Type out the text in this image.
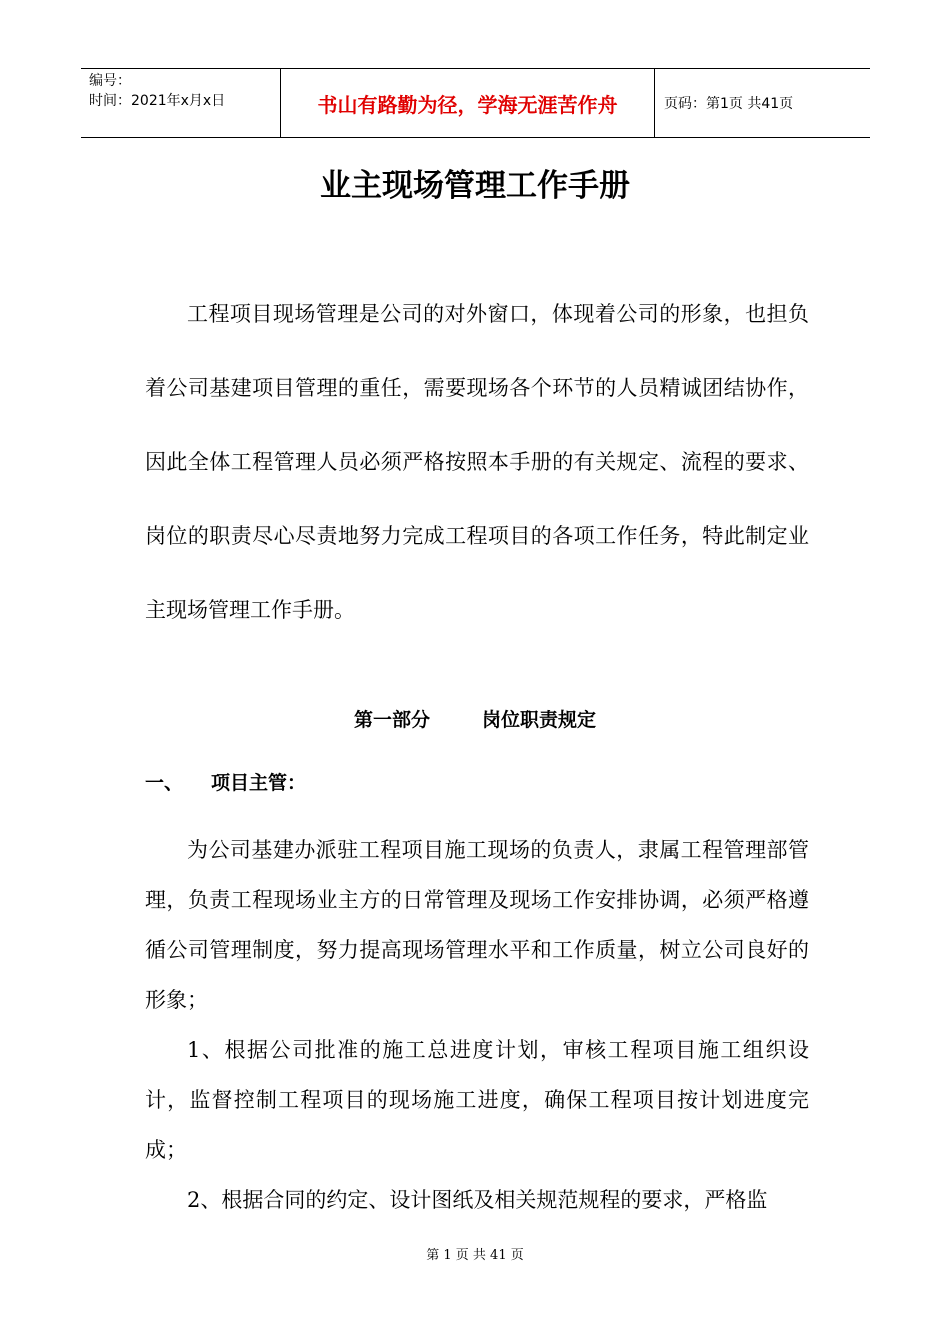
编号：
时间：2021年x月x日	书山有路勤为径，学海无涯苦作舟	页码：第1页 共41页
业主现场管理工作手册

工程项目现场管理是公司的对外窗口，体现着公司的形象，也担负着公司基建项目管理的重任，需要现场各个环节的人员精诚团结协作，因此全体工程管理人员必须严格按照本手册的有关规定、流程的要求、岗位的职责尽心尽责地努力完成工程项目的各项工作任务，特此制定业主现场管理工作手册。

第一部分	岗位职责规定
一、 项目主管：

为公司基建办派驻工程项目施工现场的负责人，隶属工程管理部管理，负责工程现场业主方的日常管理及现场工作安排协调，必须严格遵循公司管理制度，努力提高现场管理水平和工作质量，树立公司良好的形象；

1、根据公司批准的施工总进度计划，审核工程项目施工组织设计，监督控制工程项目的现场施工进度，确保工程项目按计划进度完成；

2、根据合同的约定、设计图纸及相关规范规程的要求，严格监

第 1 页 共 41 页
